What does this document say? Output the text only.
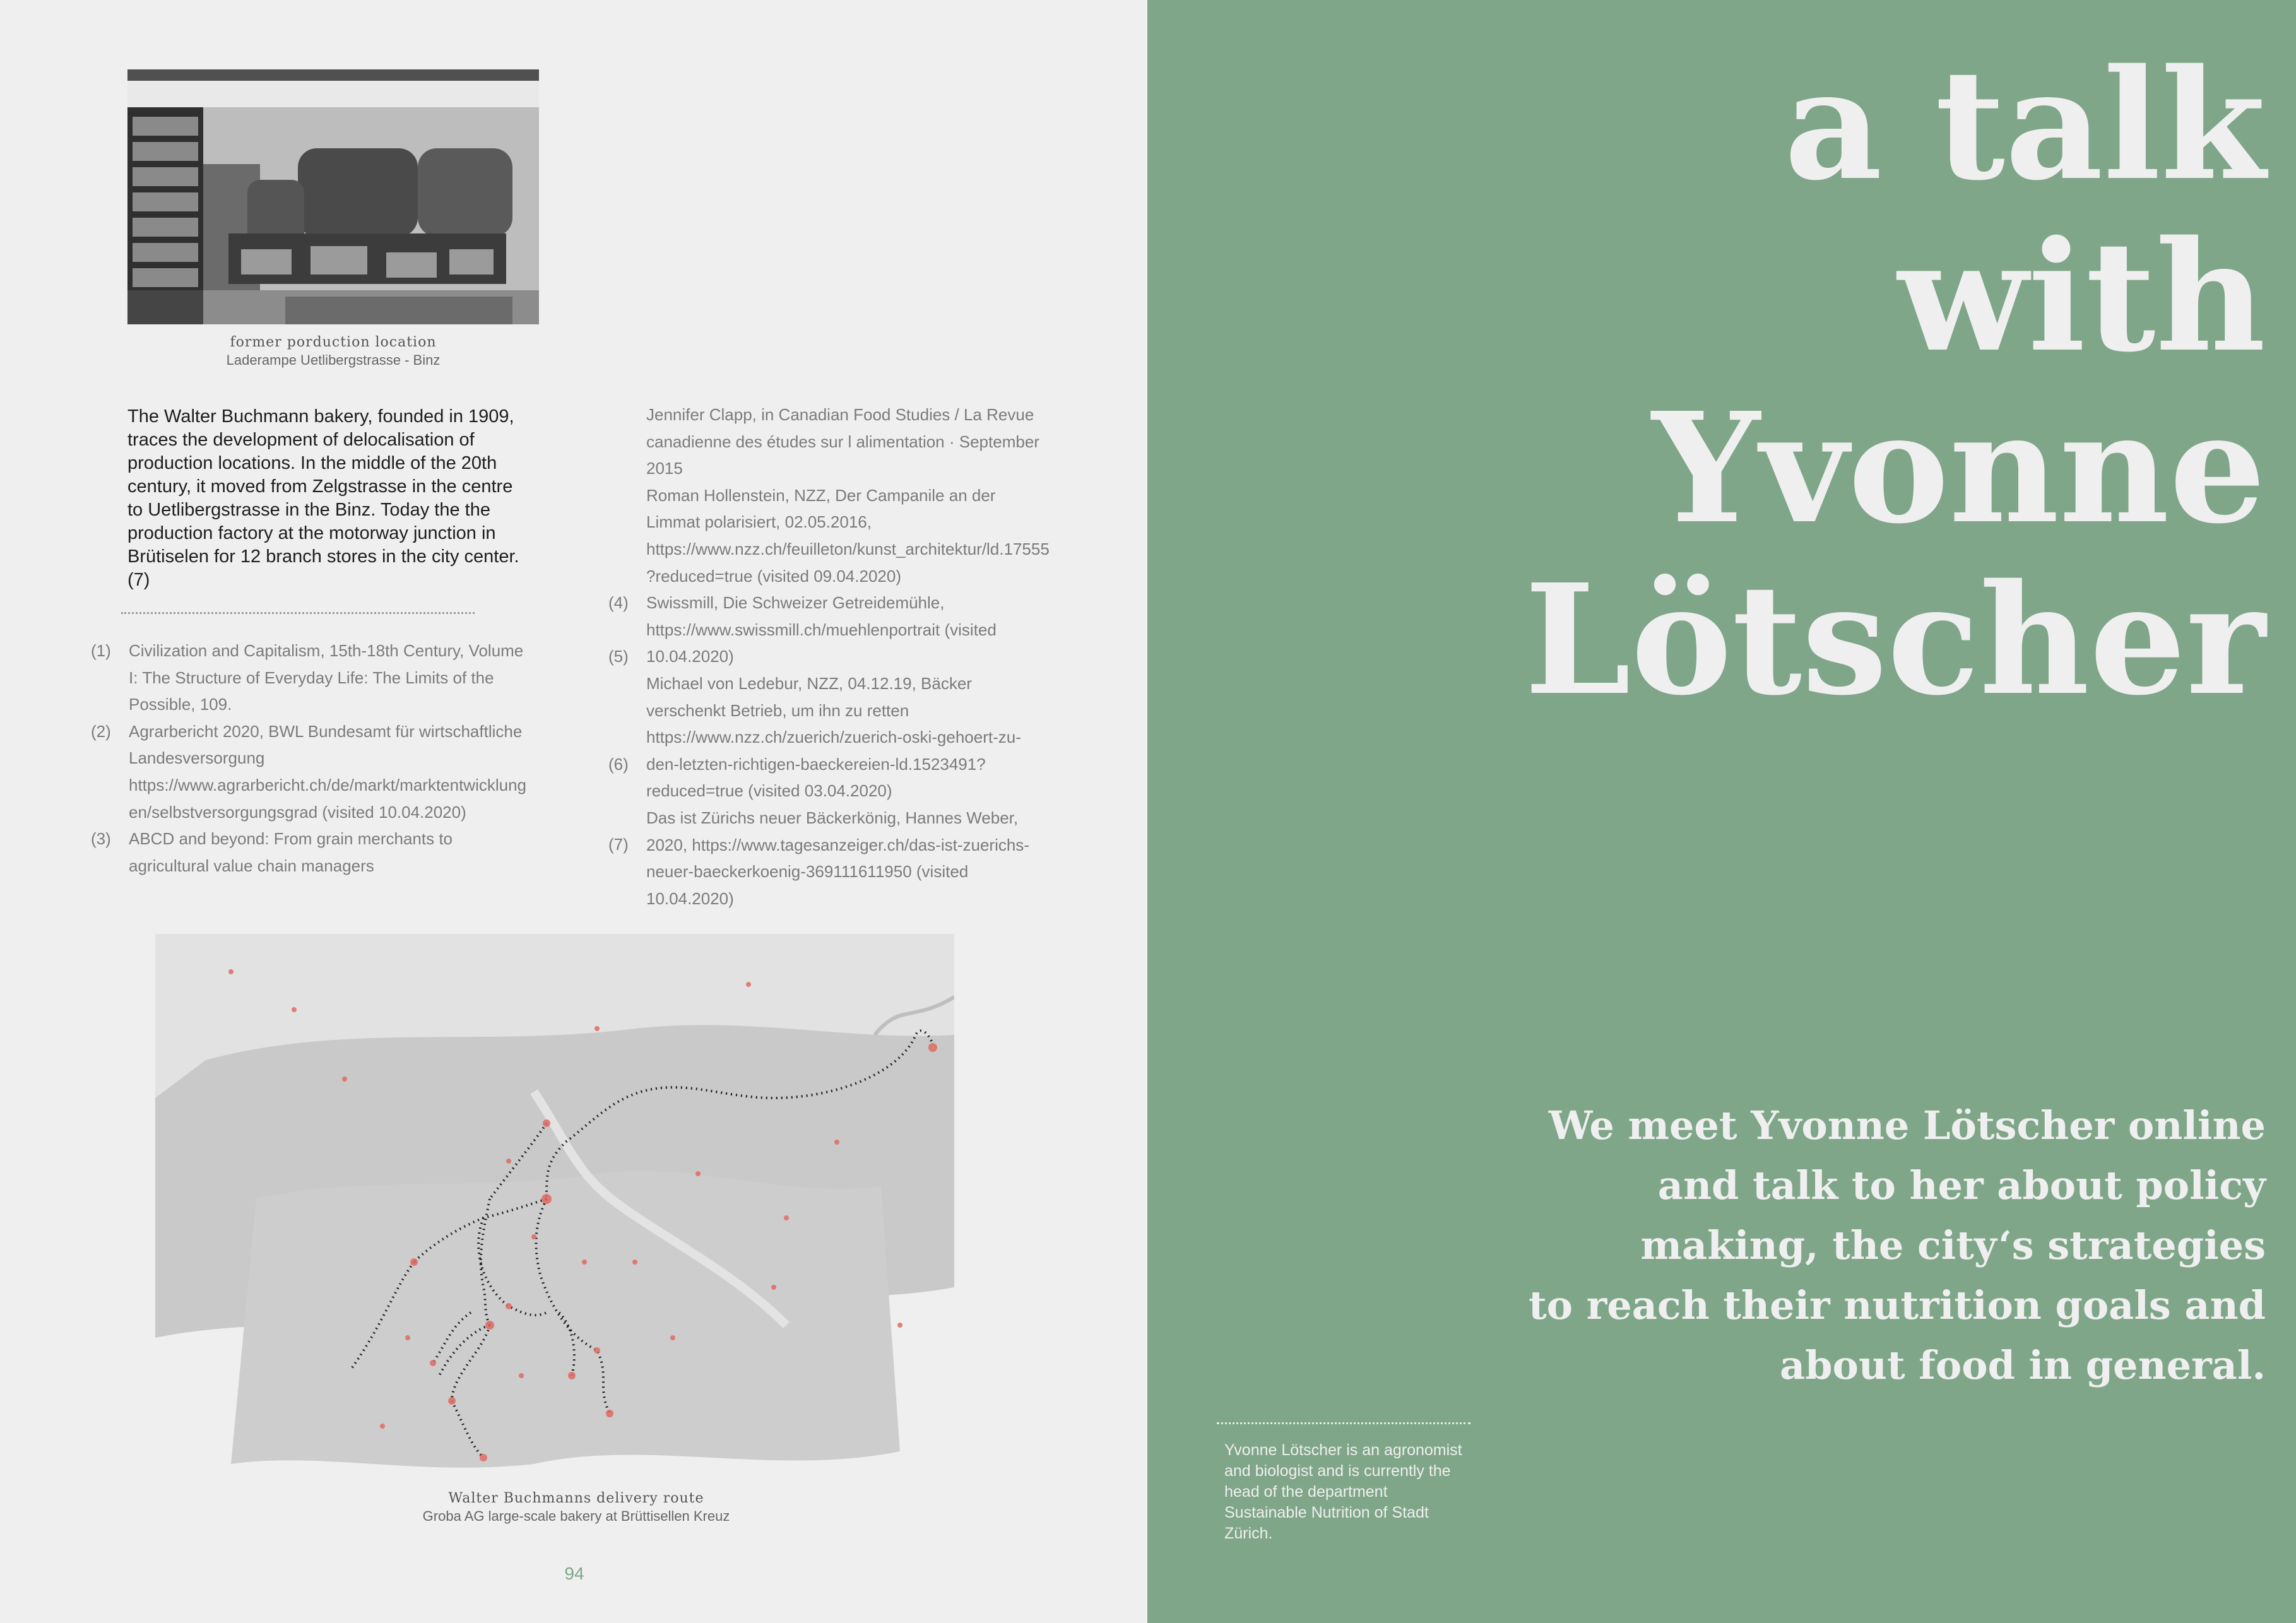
former porduction location
Laderampe Uetlibergstrasse - Binz

The Walter Buchmann bakery, founded in 1909, traces the development of delocalisation of production locations. In the middle of the 20th century, it moved from Zelgstrasse in the centre to Uetlibergstrasse in the Binz. Today the the production factory at the motorway junction in Brütiselen for 12 branch stores in the city center.(7)

(1) Civilization and Capitalism, 15th-18th Century, Volume I: The Structure of Everyday Life: The Limits of the Possible, 109.
(2) Agrarbericht 2020, BWL Bundesamt für wirtschaftliche Landesversorgung https://www.agrarbericht.ch/de/markt/marktentwicklungen/selbstversorgungsgrad (visited 10.04.2020)
(3) ABCD and beyond: From grain merchants to agricultural value chain managers
Jennifer Clapp, in Canadian Food Studies / La Revue canadienne des études sur l alimentation · September 2015
(4)
Roman Hollenstein, NZZ, Der Campanile an der Limmat polarisiert, 02.05.2016, https://www.nzz.ch/feuilleton/kunst_architektur/ld.17555?reduced=true (visited 09.04.2020)
(5)
Swissmill, Die Schweizer Getreidemühle, https://www.swissmill.ch/muehlenportrait (visited 10.04.2020)
(6)
Michael von Ledebur, NZZ, 04.12.19, Bäcker verschenkt Betrieb, um ihn zu retten https://www.nzz.ch/zuerich/zuerich-oski-gehoert-zu-den-letzten-richtigen-baeckereien-ld.1523491?reduced=true (visited 03.04.2020)
(7)
Das ist Zürichs neuer Bäckerkönig, Hannes Weber, 2020, https://www.tagesanzeiger.ch/das-ist-zuerichs-neuer-baeckerkoenig-369111611950 (visited 10.04.2020)
Walter Buchmanns delivery route
Groba AG large-scale bakery at Brüttisellen Kreuz
94
a talk
with
Yvonne
Lötscher

We meet Yvonne Lötscher online
and talk to her about policy
making, the city‘s strategies
to reach their nutrition goals and
about food in general.

Yvonne Lötscher is an agronomist and biologist and is currently the head of the department Sustainable Nutrition of Stadt Zürich.
